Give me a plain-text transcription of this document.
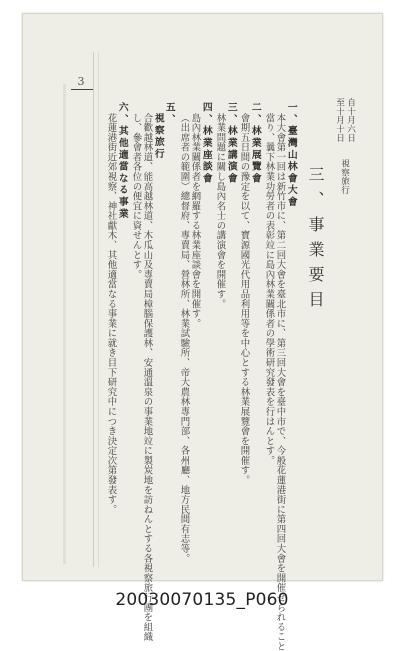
3
自十月六日
至十月十日
視察旅行
三、事業要目
一、臺灣山林會大會
本大會第一回は新竹市に、第二回大會を臺北市に、第三回大會を臺中市で、今般花蓮港街に第四回大會を開催せられること
當り、曩下林業功勞者の表彰竝に島內林業關係者の學術研究發表を行はんとす。
二、林業展覽會
會期五日間の豫定を以て、寶源國光代用品利用等を中心とする林業展覽會を開催す。
三、林業講演會
林業問題に關し島內名士の講演會を開催す。
四、林業座談會
島內林業關係者を網羅する林業座談會を開催す。
（出席者の範圍）總督府、專賣局、營林所、林業試驗所、帝大農林專門部、各州廳、地方民間有志等。
五、
視察旅行
合歡越林道、能高越林道、木瓜山及專賣局樟腦保護林、安通溫泉の事業地竝に製炭地を訪ねんとする各視察旅行團を組織
し、參會者各位の便宜に資せんとす。
六、其他適當なる事業
花蓮港街近郊視察、神社獻木、其他適當なる事業に就き目下研究中につき決定次第發表す。
20030070135_P060
